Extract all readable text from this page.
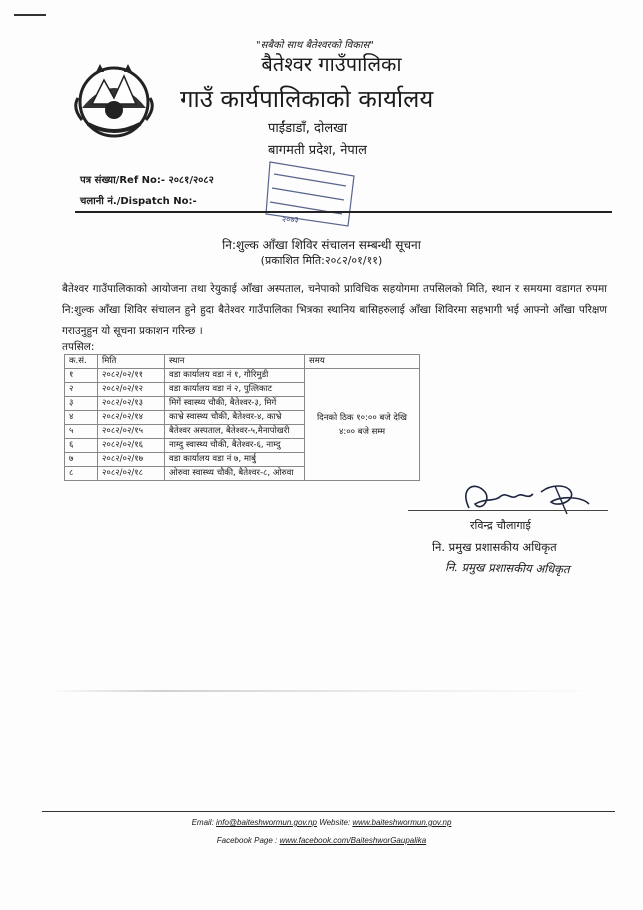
"सबैको साथ बैतेश्वरको विकास"
बैतेश्वर गाउँपालिका
गाउँ कार्यपालिकाको कार्यालय
पाईंडाडाँ, दोलखा
बागमती प्रदेश, नेपाल
२०७३
पत्र संख्या/Ref No:- २०८१/२०८२
चलानी नं./Dispatch No:-
नि:शुल्क आँखा शिविर संचालन सम्बन्धी सूचना
(प्रकाशित मिति:२०८२/०१/११)
बैतेश्वर गाउँपालिकाको आयोजना तथा रेयुकाई आँखा अस्पताल, चनेपाको प्राविधिक सहयोगमा तपसिलको मिति, स्थान र समयमा वडागत रुपमा नि:शुल्क आँखा शिविर संचालन हुने हुदा बैतेश्वर गाउँपालिका भित्रका स्थानिय बासिहरुलाई आँखा शिविरमा सहभागी भई आफ्नो आँखा परिक्षण गराउनुहुन यो सूचना प्रकाशन गरिन्छ ।
तपसिल:
क.सं.	मिति	स्थान	समय
१	२०८२/०२/११	वडा कार्यालय वडा नं १, गौरिमुडी	दिनको ठिक १०:०० बजे देखि ४:०० बजे सम्म
२	२०८२/०२/१२	वडा कार्यालय वडा नं २, पुत्लिकाट	
३	२०८२/०२/१३	मिगें स्वास्थ्य चौकी, बैतेश्वर-३, मिगें	
४	२०८२/०२/१४	काभ्रे स्वास्थ्य चौकी, बैतेश्वर-४, काभ्रे	
५	२०८२/०२/१५	बैतेश्वर अस्पताल, बैतेश्वर-५,मैनापोखरी	
६	२०८२/०२/१६	नाम्दु स्वास्थ्य चौकी, बैतेश्वर-६, नाम्दु	
७	२०८२/०२/१७	वडा कार्यालय वडा नं ७, मार्बु	
८	२०८२/०२/१८	ओरुवा स्वास्थ्य चौकी, बैतेश्वर-८, ओरुवा	
रविन्द्र चौलागाई
नि. प्रमुख प्रशासकीय अधिकृत
नि. प्रमुख प्रशासकीय अधिकृत
Email: info@baiteshwormun.gov.np Website: www.baiteshwormun.gov.np
Facebook Page : www.facebook.com/BaiteshworGaupalika
